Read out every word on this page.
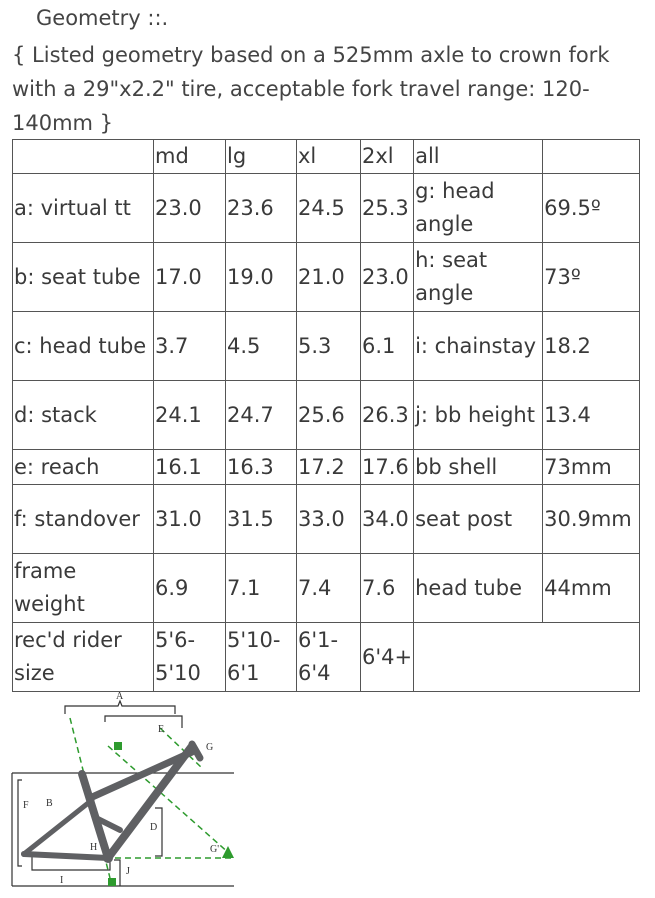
Geometry ::.
{ Listed geometry based on a 525mm axle to crown fork with a 29"x2.2" tire, acceptable fork travel range: 120-140mm }
	md	lg	xl	2xl	all	
a: virtual tt	23.0	23.6	24.5	25.3	g: head angle	69.5º
b: seat tube	17.0	19.0	21.0	23.0	h: seat angle	73º
c: head tube	3.7	4.5	5.3	6.1	i: chainstay	18.2
d: stack	24.1	24.7	25.6	26.3	j: bb height	13.4
e: reach	16.1	16.3	17.2	17.6	bb shell	73mm
f: standover	31.0	31.5	33.0	34.0	seat post	30.9mm
frame weight	6.9	7.1	7.4	7.6	head tube	44mm
rec'd rider size	5'6-5'10	5'10-6'1	6'1-6'4	6'4+		
A
E
G
F B
D
H	G'
I
J
